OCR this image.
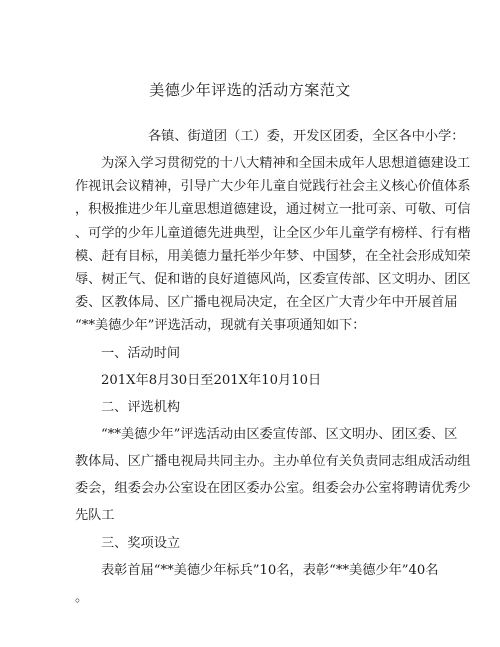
美德少年评选的活动方案范文
各镇、街道团（工）委，开发区团委，全区各中小学：
为深入学习贯彻党的十八大精神和全国未成年人思想道德建设工
作视讯会议精神，引导广大少年儿童自觉践行社会主义核心价值体系
，积极推进少年儿童思想道德建设，通过树立一批可亲、可敬、可信
、可学的少年儿童道德先进典型，让全区少年儿童学有榜样、行有楷
模、赶有目标，用美德力量托举少年梦、中国梦，在全社会形成知荣
辱、树正气、促和谐的良好道德风尚，区委宣传部、区文明办、团区
委、区教体局、区广播电视局决定，在全区广大青少年中开展首届
一、活动时间
201X年8月30日至201X年10月10日
二、评选机构
“**美德少年”评选活动由区委宣传部、区文明办、团区委、区
教体局、区广播电视局共同主办。主办单位有关负责同志组成活动组
委会，组委会办公室设在团区委办公室。组委会办公室将聘请优秀少
先队工
三、奖项设立
表彰首届“**美德少年标兵”10名，表彰“**美德少年”40名
。
“**美德少年”评选活动，现就有关事项通知如下：
